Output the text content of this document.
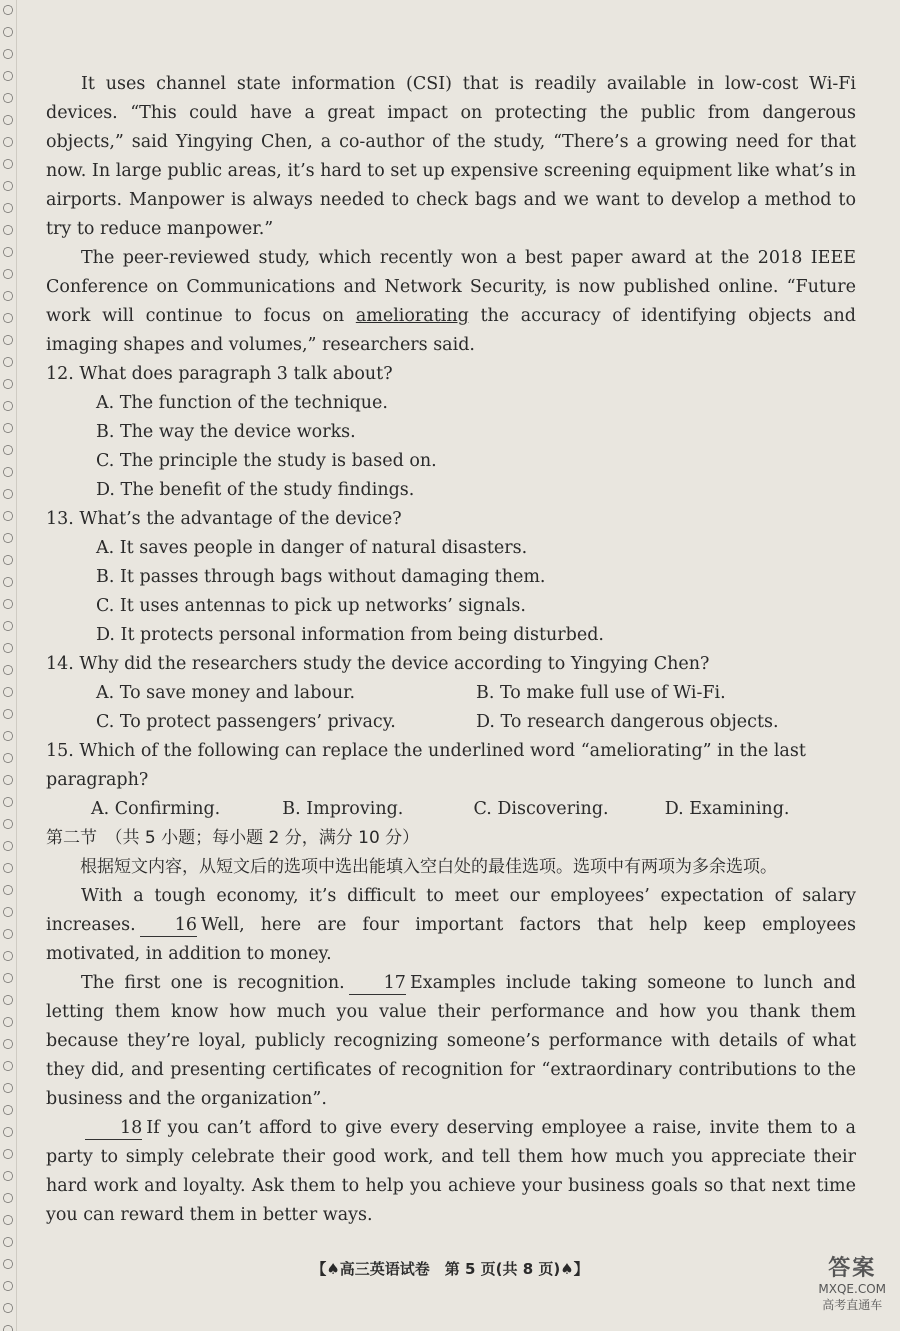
It uses channel state information (CSI) that is readily available in low-cost Wi-Fi devices. “This could have a great impact on protecting the public from dangerous objects,” said Yingying Chen, a co-author of the study, “There’s a growing need for that now. In large public areas, it’s hard to set up expensive screening equipment like what’s in airports. Manpower is always needed to check bags and we want to develop a method to try to reduce manpower.”

The peer-reviewed study, which recently won a best paper award at the 2018 IEEE Conference on Communications and Network Security, is now published online. “Future work will continue to focus on ameliorating the accuracy of identifying objects and imaging shapes and volumes,” researchers said.

12. What does paragraph 3 talk about?

A. The function of the technique.

B. The way the device works.

C. The principle the study is based on.

D. The benefit of the study findings.

13. What’s the advantage of the device?

A. It saves people in danger of natural disasters.

B. It passes through bags without damaging them.

C. It uses antennas to pick up networks’ signals.

D. It protects personal information from being disturbed.

14. Why did the researchers study the device according to Yingying Chen?

A. To save money and labour.	B. To make full use of Wi-Fi.
C. To protect passengers’ privacy.	D. To research dangerous objects.

15. Which of the following can replace the underlined word “ameliorating” in the last paragraph?

A. Confirming.	B. Improving.	C. Discovering.	D. Examining.

第二节　（共 5 小题；每小题 2 分，满分 10 分）

根据短文内容，从短文后的选项中选出能填入空白处的最佳选项。选项中有两项为多余选项。

With a tough economy, it’s difficult to meet our employees’ expectation of salary increases. 16 Well, here are four important factors that help keep employees motivated, in addition to money.

The first one is recognition. 17 Examples include taking someone to lunch and letting them know how much you value their performance and how you thank them because they’re loyal, publicly recognizing someone’s performance with details of what they did, and presenting certificates of recognition for “extraordinary contributions to the business and the organization”.

18 If you can’t afford to give every deserving employee a raise, invite them to a party to simply celebrate their good work, and tell them how much you appreciate their hard work and loyalty. Ask them to help you achieve your business goals so that next time you can reward them in better ways.

【♠高三英语试卷　第 5 页(共 8 页)♠】	答案
MXQE.COM
高考直通车
